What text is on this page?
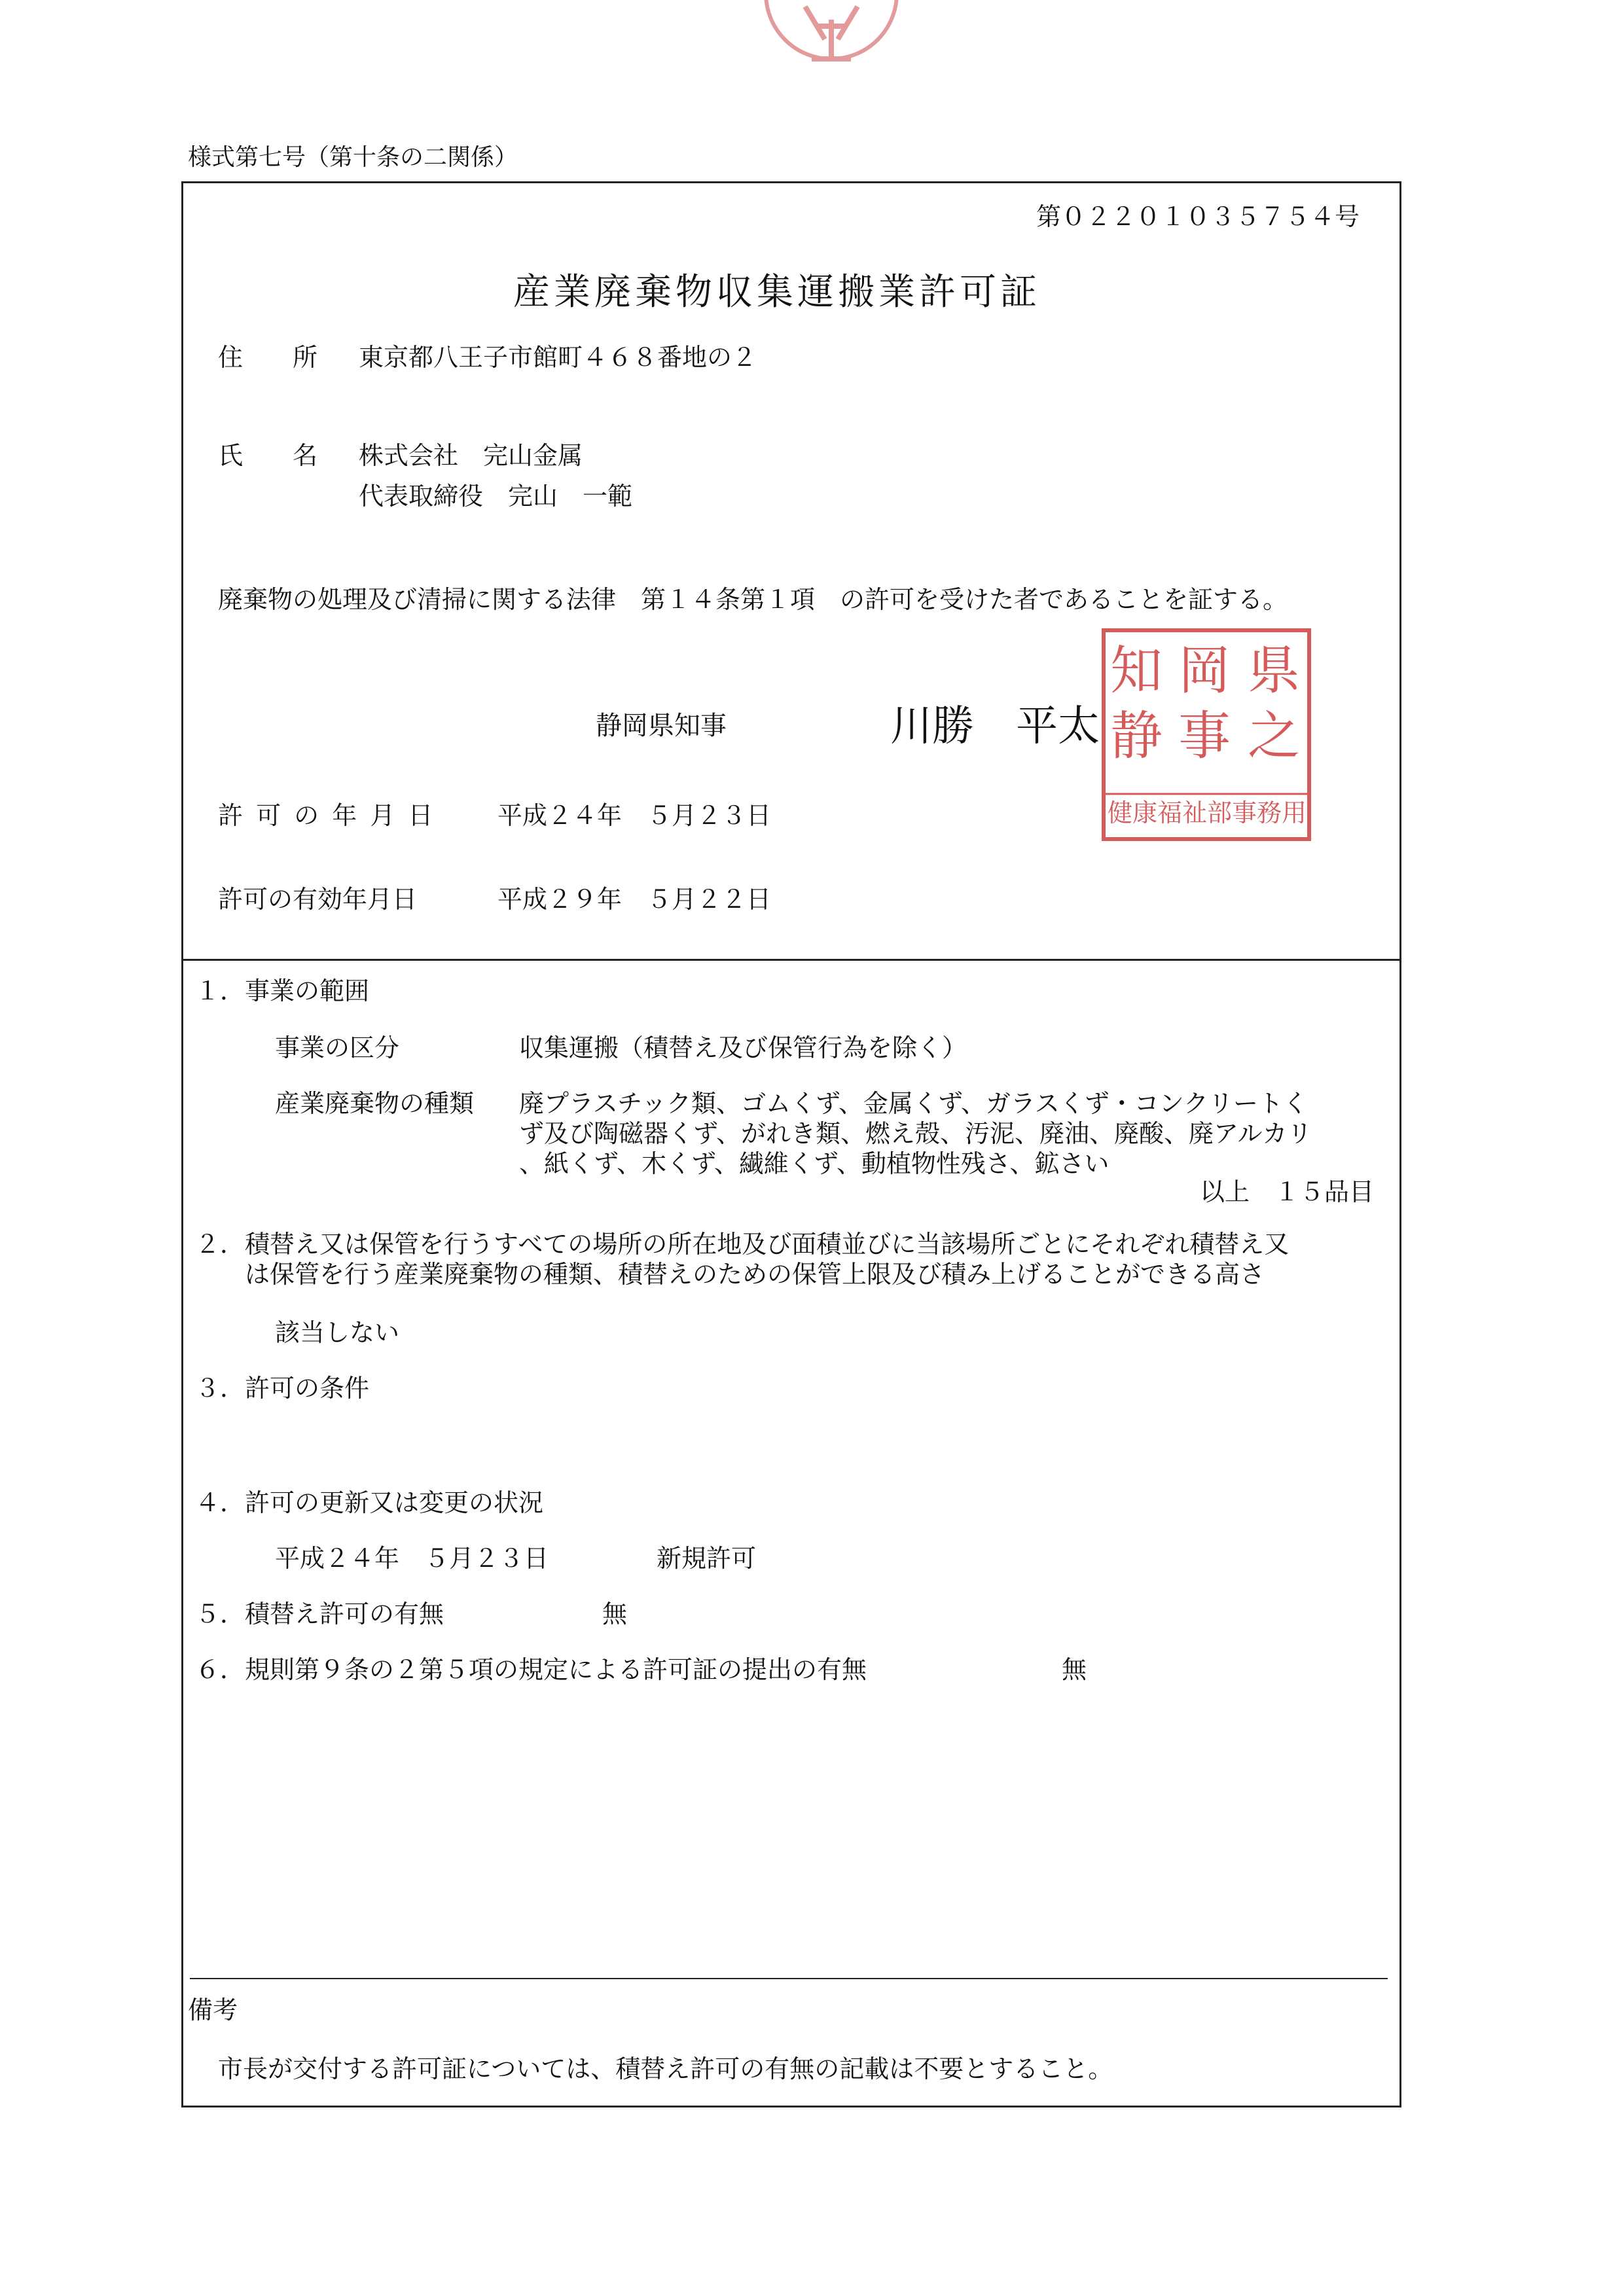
様式第七号（第十条の二関係）
第０２２０１０３５７５４号
産業廃棄物収集運搬業許可証
住　　所 東京都八王子市館町４６８番地の２
氏　　名 株式会社　完山金属
代表取締役　完山　一範
廃棄物の処理及び清掃に関する法律　第１４条第１項　の許可を受けた者であることを証する。
静岡県知事	川勝　平太 静
岡 県
知
事 之
健康福祉部事務用
許 可 の 年 月 日 平成２４年　５月２３日
許可の有効年月日	平成２９年　５月２２日
１．事業の範囲
事業の区分	収集運搬（積替え及び保管行為を除く）
産業廃棄物の種類 廃プラスチック類、ゴムくず、金属くず、ガラスくず・コンクリートく
ず及び陶磁器くず、がれき類、燃え殻、汚泥、廃油、廃酸、廃アルカリ
、紙くず、木くず、繊維くず、動植物性残さ、鉱さい
以上　１５品目
２．積替え又は保管を行うすべての場所の所在地及び面積並びに当該場所ごとにそれぞれ積替え又
　　は保管を行う産業廃棄物の種類、積替えのための保管上限及び積み上げることができる高さ
該当しない
３．許可の条件
４．許可の更新又は変更の状況
平成２４年　５月２３日	新規許可
５．積替え許可の有無	無
６．規則第９条の２第５項の規定による許可証の提出の有無	無
備考
市長が交付する許可証については、積替え許可の有無の記載は不要とすること。
